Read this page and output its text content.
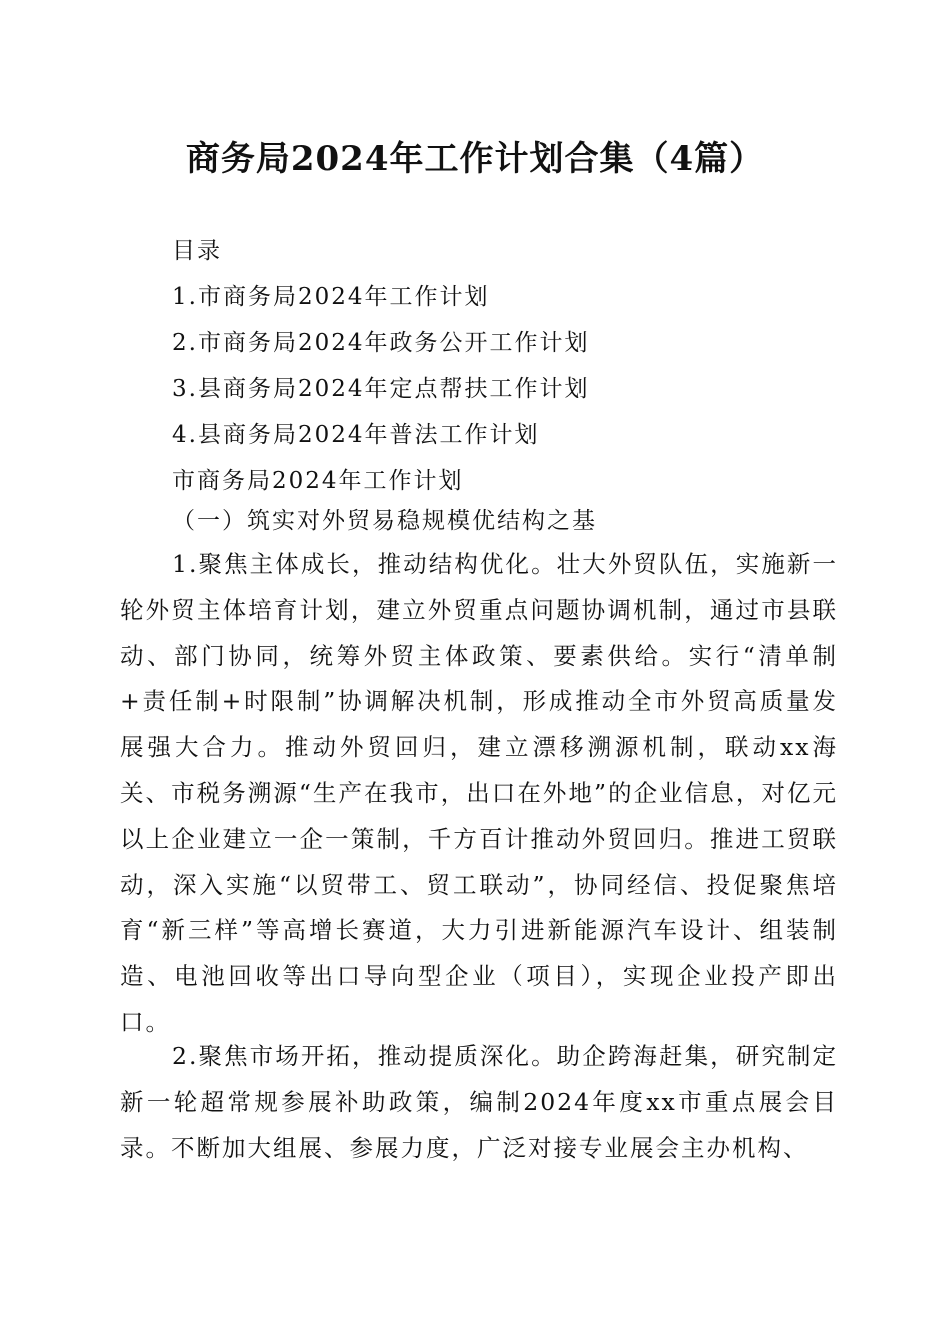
商务局2024年工作计划合集（4篇）
目录
1.市商务局2024年工作计划
2.市商务局2024年政务公开工作计划
3.县商务局2024年定点帮扶工作计划
4.县商务局2024年普法工作计划
市商务局2024年工作计划
（一）筑实对外贸易稳规模优结构之基

1.聚焦主体成长，推动结构优化。壮大外贸队伍，实施新一轮外贸主体培育计划，建立外贸重点问题协调机制，通过市县联动、部门协同，统筹外贸主体政策、要素供给。实行“清单制+责任制+时限制”协调解决机制，形成推动全市外贸高质量发展强大合力。推动外贸回归，建立漂移溯源机制，联动xx海关、市税务溯源“生产在我市，出口在外地”的企业信息，对亿元以上企业建立一企一策制，千方百计推动外贸回归。推进工贸联动，深入实施“以贸带工、贸工联动”，协同经信、投促聚焦培育“新三样”等高增长赛道，大力引进新能源汽车设计、组装制造、电池回收等出口导向型企业（项目），实现企业投产即出口。

2.聚焦市场开拓，推动提质深化。助企跨海赶集，研究制定新一轮超常规参展补助政策，编制2024年度xx市重点展会目录。不断加大组展、参展力度，广泛对接专业展会主办机构、
